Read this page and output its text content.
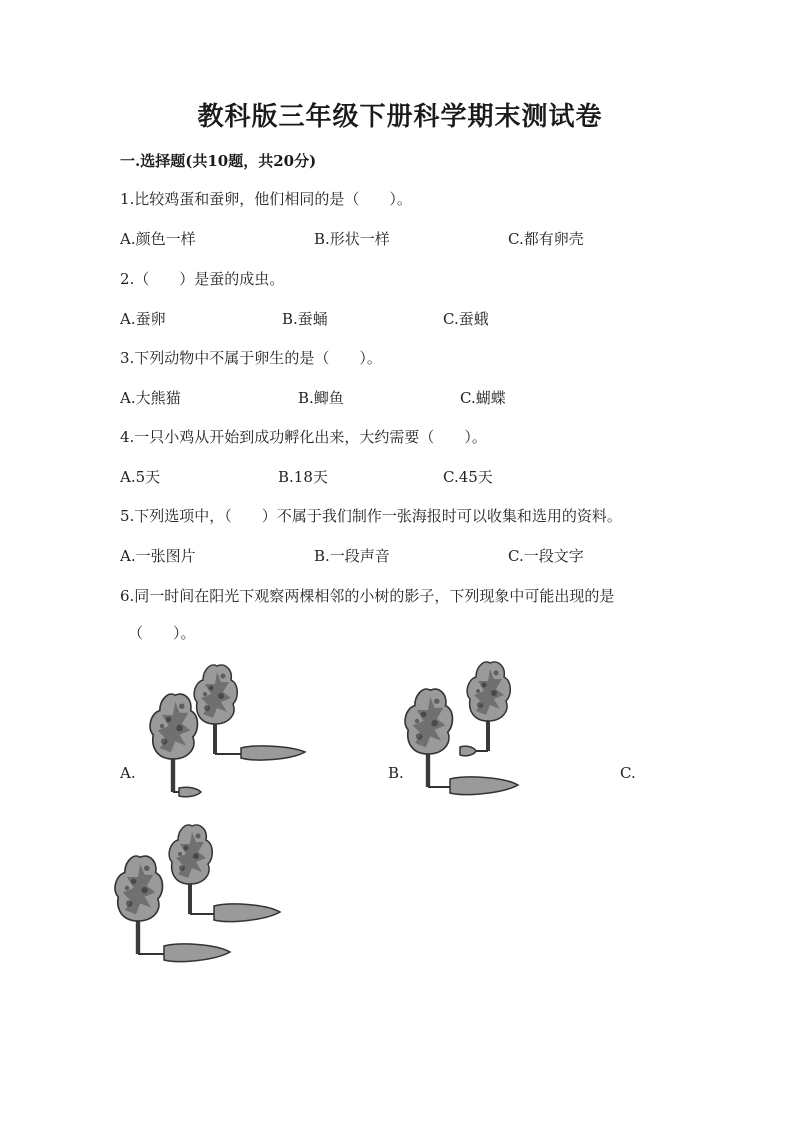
教科版三年级下册科学期末测试卷
一.选择题(共10题，共20分)
1.比较鸡蛋和蚕卵，他们相同的是（　　）。
A.颜色一样	B.形状一样	C.都有卵壳
2.（　　）是蚕的成虫。
A.蚕卵	B.蚕蛹	C.蚕蛾
3.下列动物中不属于卵生的是（　　）。
A.大熊猫	B.鲫鱼	C.蝴蝶
4.一只小鸡从开始到成功孵化出来，大约需要（　　）。
A.5天	B.18天	C.45天
5.下列选项中，（　　）不属于我们制作一张海报时可以收集和选用的资料。
A.一张图片	B.一段声音	C.一段文字
6.同一时间在阳光下观察两棵相邻的小树的影子，下列现象中可能出现的是
（　　）。
A.	B.	C.
